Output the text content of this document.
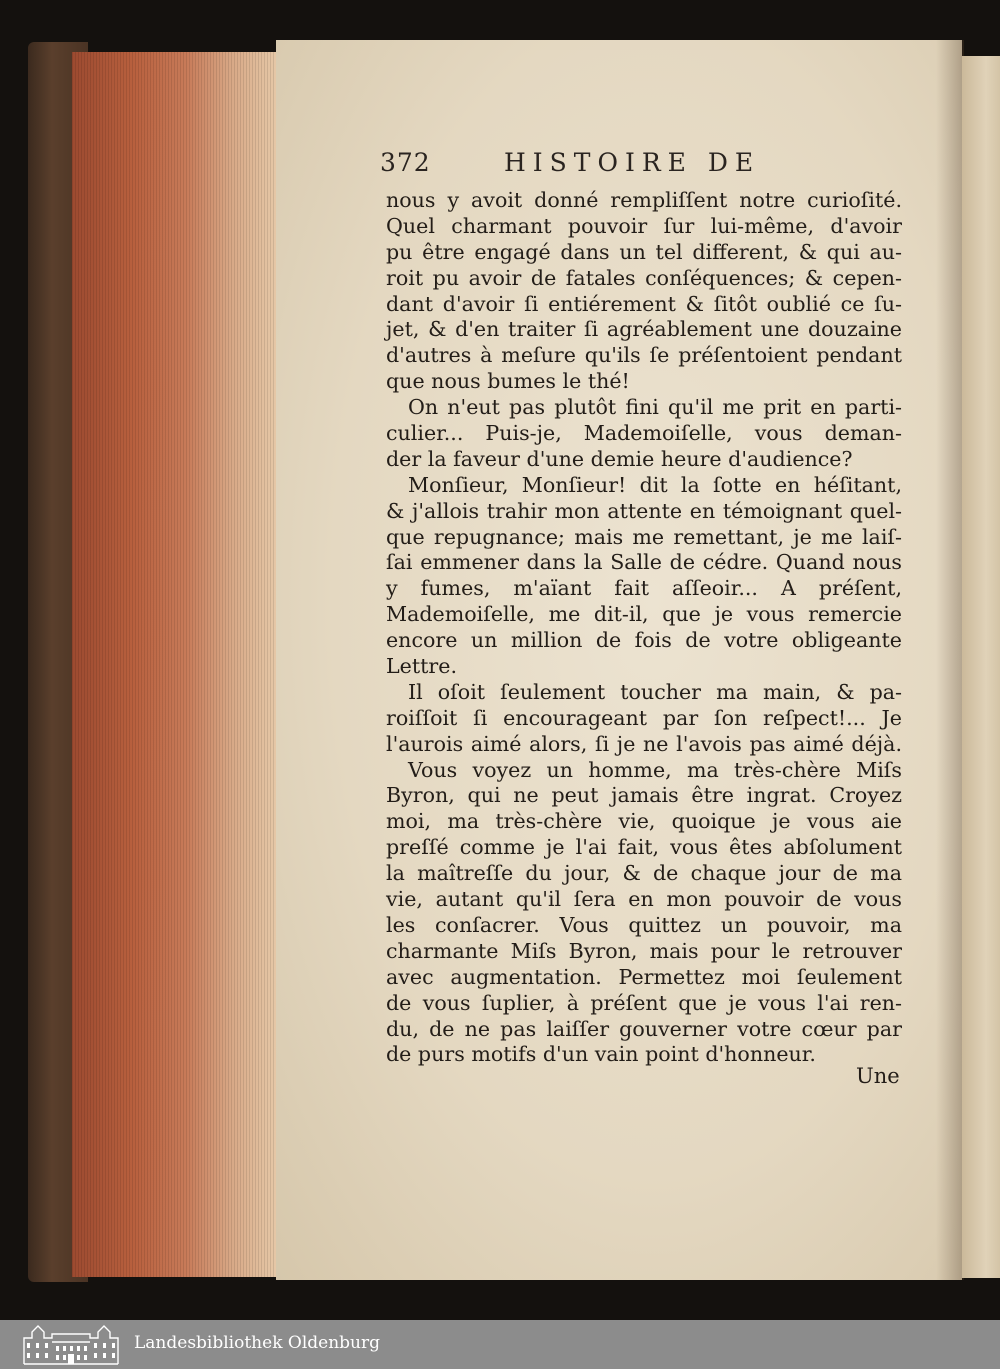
372	HISTOIRE DE
nous y avoit donné rempliſſent notre curioſité.
Quel charmant pouvoir ſur lui-même, d'avoir
pu être engagé dans un tel different, & qui au-
roit pu avoir de fatales conſéquences; & cepen-
dant d'avoir ſi entiérement & ſitôt oublié ce ſu-
jet, & d'en traiter ſi agréablement une douzaine
d'autres à meſure qu'ils ſe préſentoient pendant
que nous bumes le thé!
On n'eut pas plutôt fini qu'il me prit en parti-
culier... Puis-je, Mademoiſelle, vous deman-
der la faveur d'une demie heure d'audience?
Monſieur, Monſieur! dit la ſotte en héſitant,
& j'allois trahir mon attente en témoignant quel-
que repugnance; mais me remettant, je me laiſ-
ſai emmener dans la Salle de cédre. Quand nous
y fumes, m'aïant fait aſſeoir... A préſent,
Mademoiſelle, me dit-il, que je vous remercie
encore un million de fois de votre obligeante
Lettre.
Il oſoit ſeulement toucher ma main, & pa-
roiſſoit ſi encourageant par ſon reſpect!... Je
l'aurois aimé alors, ſi je ne l'avois pas aimé déjà.
Vous voyez un homme, ma très-chère Miſs
Byron, qui ne peut jamais être ingrat. Croyez
moi, ma très-chère vie, quoique je vous aie
preſſé comme je l'ai fait, vous êtes abſolument
la maîtreſſe du jour, & de chaque jour de ma
vie, autant qu'il ſera en mon pouvoir de vous
les conſacrer. Vous quittez un pouvoir, ma
charmante Miſs Byron, mais pour le retrouver
avec augmentation. Permettez moi ſeulement
de vous ſuplier, à préſent que je vous l'ai ren-
du, de ne pas laiſſer gouverner votre cœur par
de purs motifs d'un vain point d'honneur.
Une
Landesbibliothek Oldenburg
